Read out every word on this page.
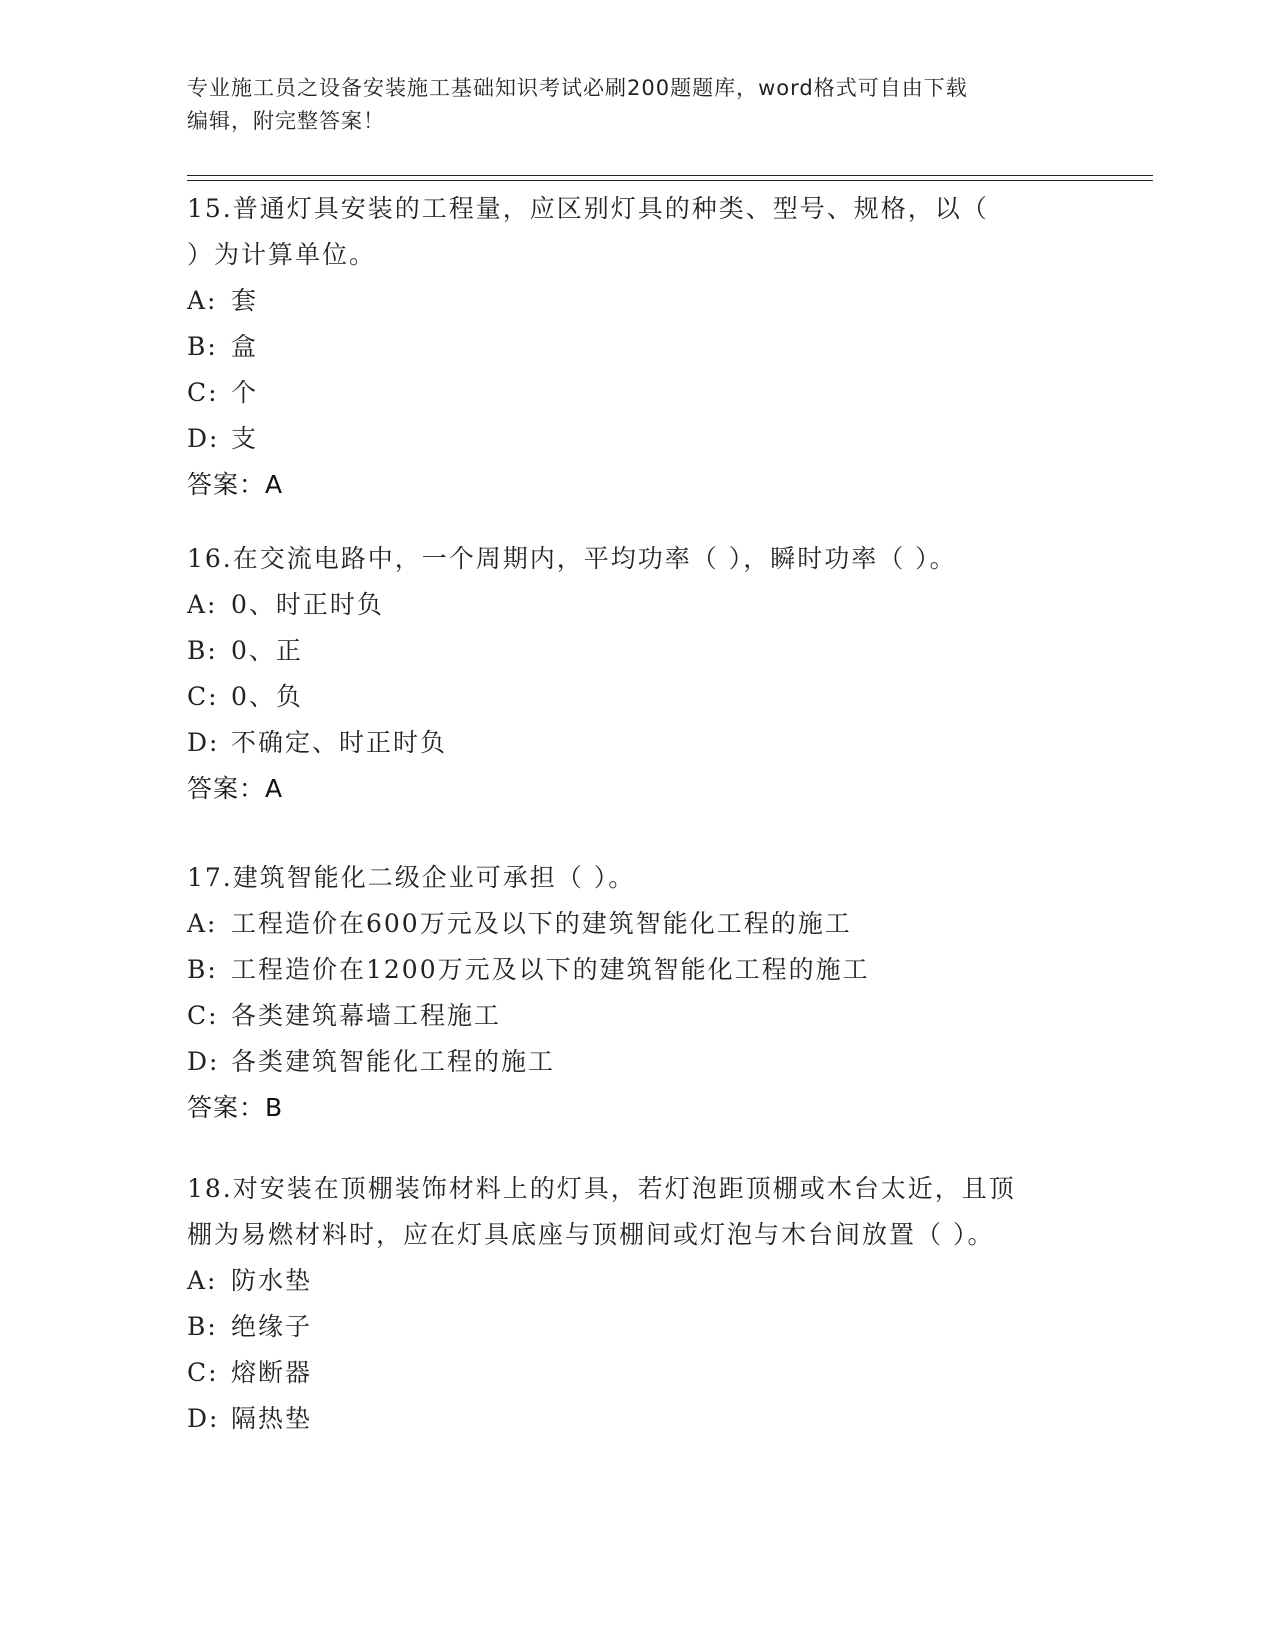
专业施工员之设备安装施工基础知识考试必刷200题题库，word格式可自由下载
编辑，附完整答案！
15.普通灯具安装的工程量，应区别灯具的种类、型号、规格，以（
）为计算单位。
A: 套
B: 盒
C: 个
D: 支
答案：A
16.在交流电路中，一个周期内，平均功率（ ），瞬时功率（ ）。
A: 0、时正时负
B: 0、正
C: 0、负
D: 不确定、时正时负
答案：A
17.建筑智能化二级企业可承担（ ）。
A: 工程造价在600万元及以下的建筑智能化工程的施工
B: 工程造价在1200万元及以下的建筑智能化工程的施工
C: 各类建筑幕墙工程施工
D: 各类建筑智能化工程的施工
答案：B
18.对安装在顶棚装饰材料上的灯具，若灯泡距顶棚或木台太近，且顶
棚为易燃材料时，应在灯具底座与顶棚间或灯泡与木台间放置（ ）。
A: 防水垫
B: 绝缘子
C: 熔断器
D: 隔热垫
